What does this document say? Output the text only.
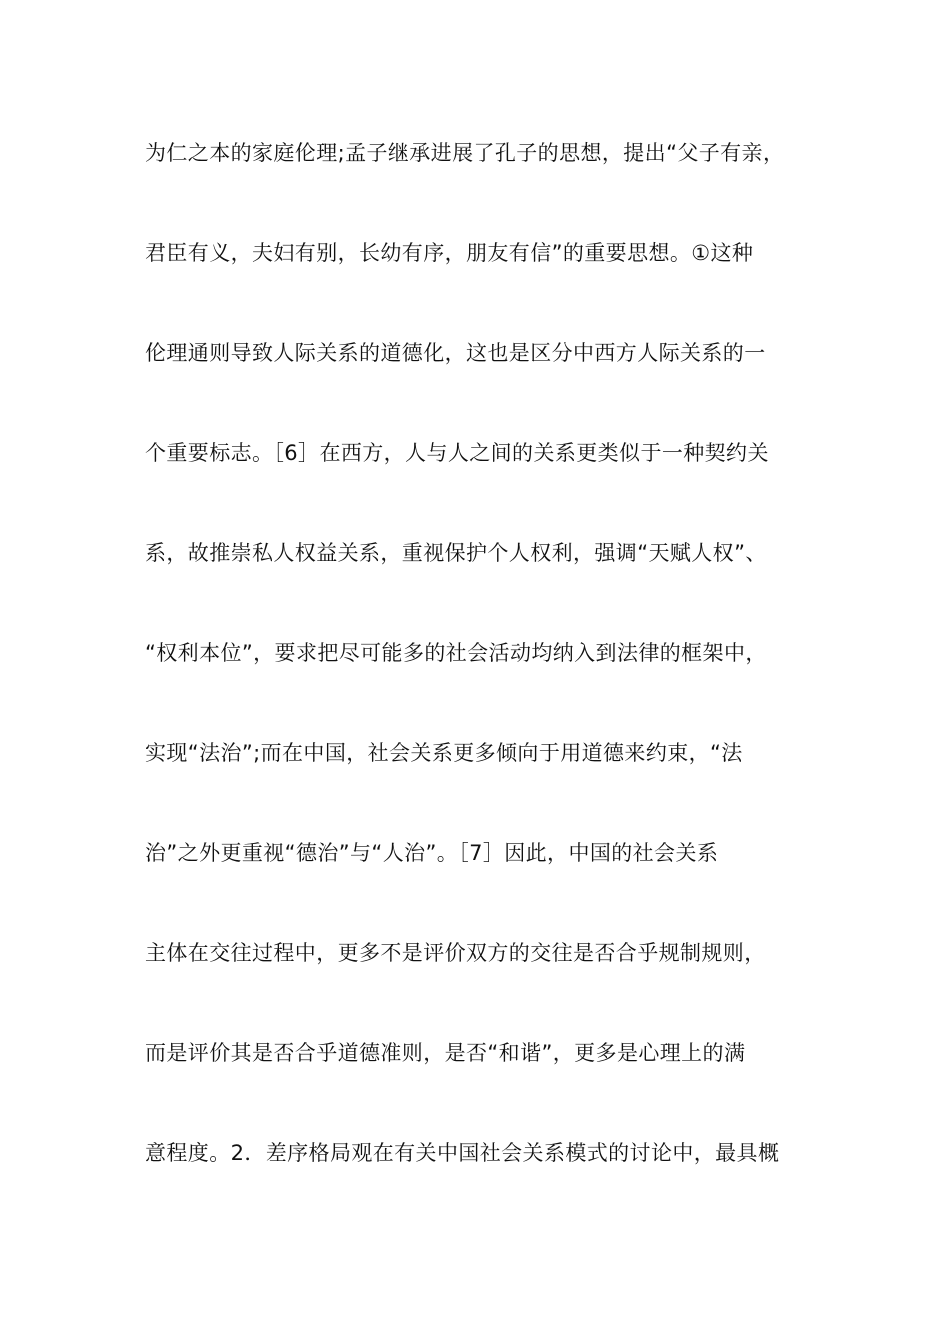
为仁之本的家庭伦理;孟子继承进展了孔子的思想，提出“父子有亲，
君臣有义，夫妇有别，长幼有序，朋友有信”的重要思想。①这种
伦理通则导致人际关系的道德化，这也是区分中西方人际关系的一
个重要标志。［6］在西方，人与人之间的关系更类似于一种契约关
系，故推崇私人权益关系，重视保护个人权利，强调“天赋人权”、
“权利本位”，要求把尽可能多的社会活动均纳入到法律的框架中，
实现“法治”;而在中国，社会关系更多倾向于用道德来约束，“法
治”之外更重视“德治”与“人治”。［7］因此，中国的社会关系
主体在交往过程中，更多不是评价双方的交往是否合乎规制规则，
而是评价其是否合乎道德准则，是否“和谐”，更多是心理上的满
意程度。2．差序格局观在有关中国社会关系模式的讨论中，最具概
